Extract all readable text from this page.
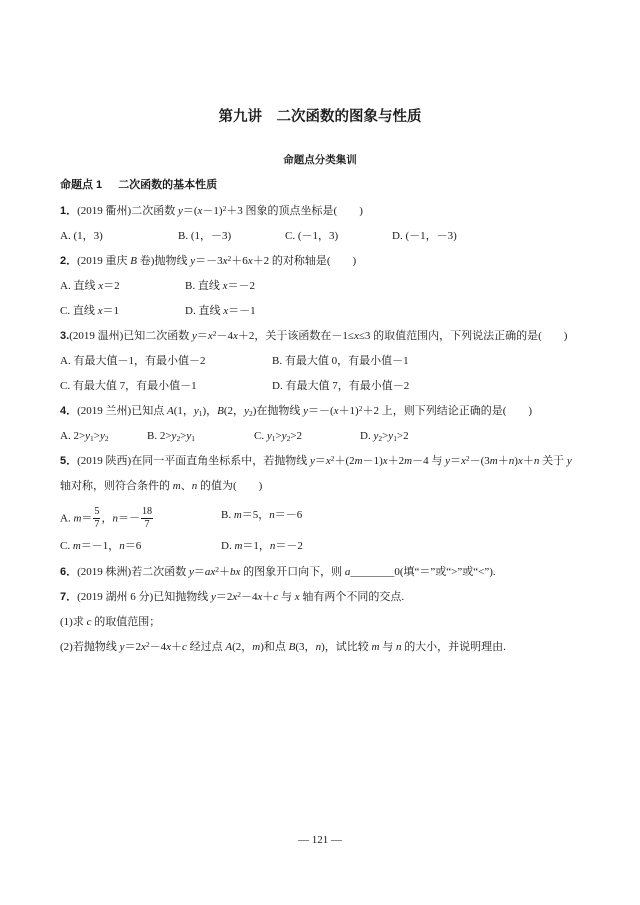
第九讲　二次函数的图象与性质
命题点分类集训
命题点 1 二次函数的基本性质
1．(2019 衢州)二次函数 $y=(x-1)^2+3$ 图象的顶点坐标是(　　)
A. (1，3)	B. (1，－3)	C. (－1，3)	D. (－1，－3)
2．(2019 重庆 B 卷)抛物线 $y=-3x^2+6x+2$ 的对称轴是(　　)
A. 直线 x＝2	B. 直线 x＝－2
C. 直线 x＝1	D. 直线 x＝－1
3.(2019 温州)已知二次函数 $y=x^2-4x+2$，关于该函数在－1≤x≤3 的取值范围内，下列说法正确的是(　　)
A. 有最大值－1，有最小值－2	B. 有最大值 0，有最小值－1
C. 有最大值 7，有最小值－1	D. 有最大值 7，有最小值－2
4．(2019 兰州)已知点 A(1，$y_1$)，B(2，$y_2$)在抛物线 $y=-(x+1)^2+2$ 上，则下列结论正确的是(　　)
A. $2>y_1>y_2$	B. $2>y_2>y_1$	C. $y_1>y_2>2$	D. $y_2>y_1>2$
5．(2019 陕西)在同一平面直角坐标系中，若抛物线 $y=x^2+(2m-1)x+2m-4$ 与 $y=x^2-(3m+n)x+n$ 关于 y
轴对称，则符合条件的 m、n 的值为(　　)
A. $m= \frac{5}{7}$ ，$n=- \frac{18}{7}$	B. m＝5，n＝－6
C. m＝－1，n＝6	D. m＝1，n＝－2
6．(2019 株洲)若二次函数 $y=ax^2+bx$ 的图象开口向下，则 a________0(填“＝”或“>”或“<”).
7．(2019 湖州 6 分)已知抛物线 $y=2x^2-4x+c$ 与 x 轴有两个不同的交点.
(1)求 c 的取值范围；
(2)若抛物线 $y=2x^2-4x+c$ 经过点 A(2，m)和点 B(3，n)，试比较 m 与 n 的大小，并说明理由.
— 121 —
